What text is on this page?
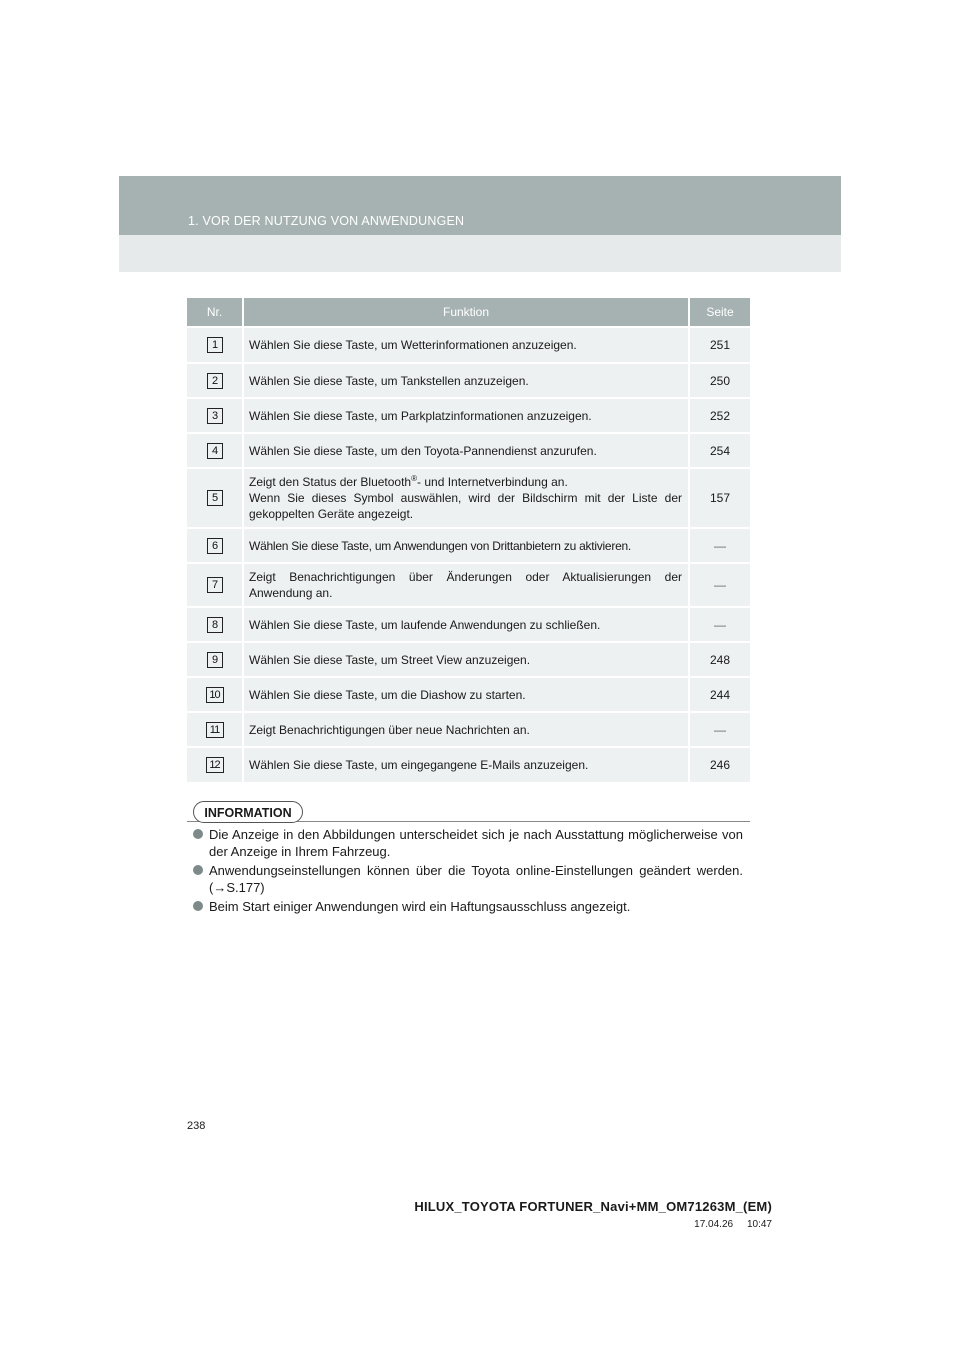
1. VOR DER NUTZUNG VON ANWENDUNGEN
Nr.	Funktion	Seite
1	Wählen Sie diese Taste, um Wetterinformationen anzuzeigen.	251
2	Wählen Sie diese Taste, um Tankstellen anzuzeigen.	250
3	Wählen Sie diese Taste, um Parkplatzinformationen anzuzeigen.	252
4	Wählen Sie diese Taste, um den Toyota-Pannendienst anzurufen.	254
5	Zeigt den Status der Bluetooth®- und Internetverbindung an.
Wenn Sie dieses Symbol auswählen, wird der Bildschirm mit der Liste der gekoppelten Geräte angezeigt.	157
6	Wählen Sie diese Taste, um Anwendungen von Drittanbietern zu aktivieren.	—
7	Zeigt Benachrichtigungen über Änderungen oder Aktualisierungen der Anwendung an.	—
8	Wählen Sie diese Taste, um laufende Anwendungen zu schließen.	—
9	Wählen Sie diese Taste, um Street View anzuzeigen.	248
10	Wählen Sie diese Taste, um die Diashow zu starten.	244
11	Zeigt Benachrichtigungen über neue Nachrichten an.	—
12	Wählen Sie diese Taste, um eingegangene E-Mails anzuzeigen.	246
INFORMATION
Die Anzeige in den Abbildungen unterscheidet sich je nach Ausstattung möglicherweise von der Anzeige in Ihrem Fahrzeug.
Anwendungseinstellungen können über die Toyota online-Einstellungen geändert werden. (→S.177)
Beim Start einiger Anwendungen wird ein Haftungsausschluss angezeigt.
238
HILUX_TOYOTA FORTUNER_Navi+MM_OM71263M_(EM)
17.04.26     10:47
